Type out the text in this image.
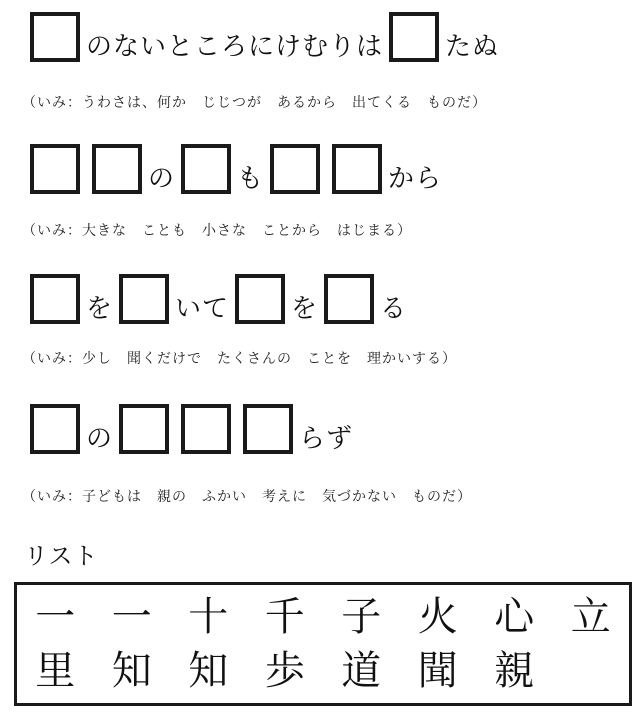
のないところにけむりは たぬ
（いみ：うわさは、何か　じじつが　あるから　出てくる　ものだ）
の も	から
（いみ：大きな　ことも　小さな　ことから　はじまる）
を いて を る
（いみ：少し　聞くだけで　たくさんの　ことを　理かいする）
の	らず
（いみ：子どもは　親の　ふかい　考えに　気づかない　ものだ）
リスト
一 一 十 千 子 火 心 立
里 知 知 歩 道 聞 親
